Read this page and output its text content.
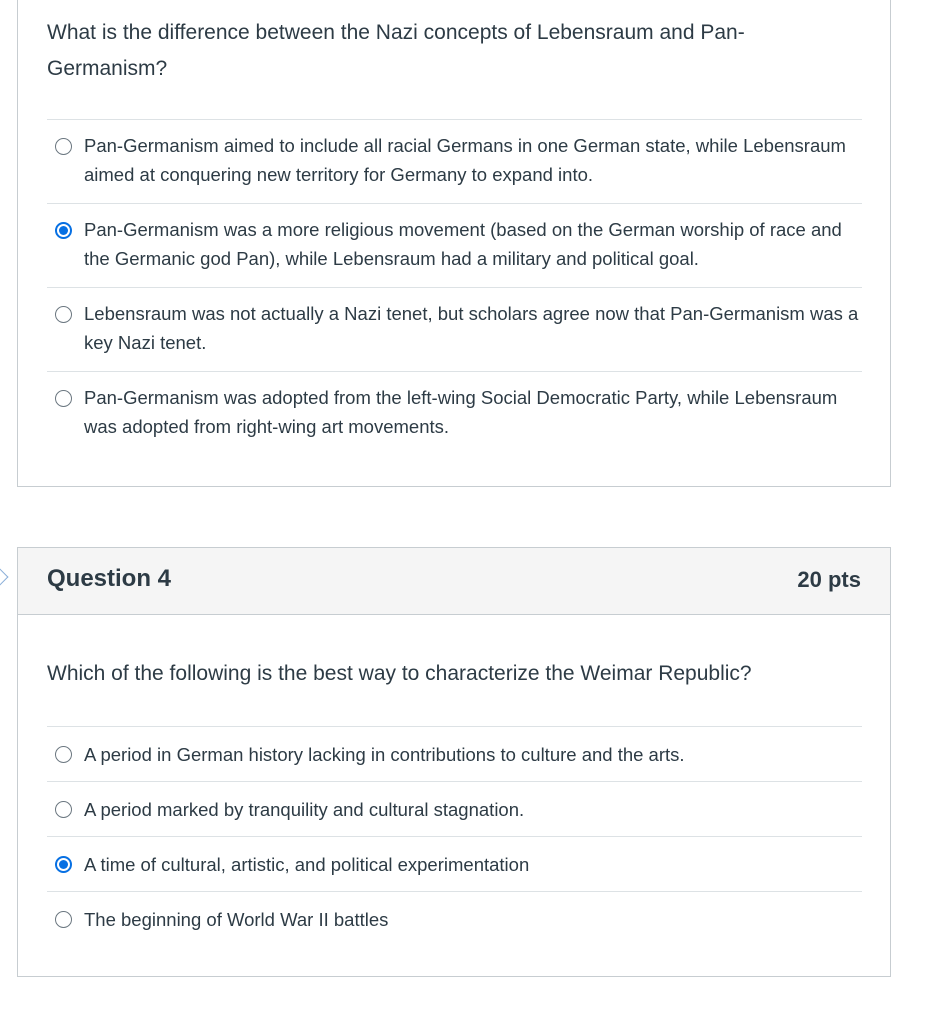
What is the difference between the Nazi concepts of Lebensraum and Pan-Germanism?
Pan-Germanism aimed to include all racial Germans in one German state, while Lebensraum aimed at conquering new territory for Germany to expand into.
Pan-Germanism was a more religious movement (based on the German worship of race and the Germanic god Pan), while Lebensraum had a military and political goal.
Lebensraum was not actually a Nazi tenet, but scholars agree now that Pan-Germanism was a key Nazi tenet.
Pan-Germanism was adopted from the left-wing Social Democratic Party, while Lebensraum was adopted from right-wing art movements.
Question 4	20 pts
Which of the following is the best way to characterize the Weimar Republic?
A period in German history lacking in contributions to culture and the arts.
A period marked by tranquility and cultural stagnation.
A time of cultural, artistic, and political experimentation
The beginning of World War II battles
